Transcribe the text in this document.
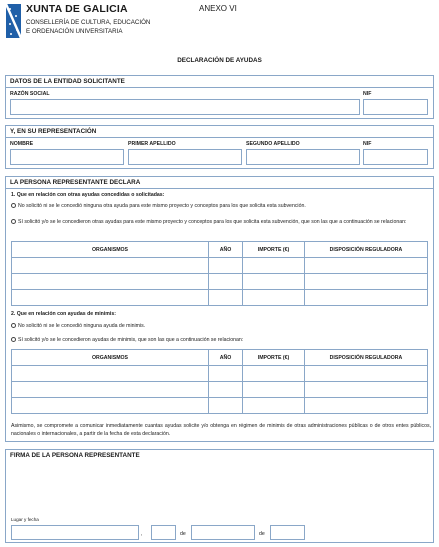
XUNTA DE GALICIA
CONSELLERÍA DE CULTURA, EDUCACIÓN
E ORDENACIÓN UNIVERSITARIA
ANEXO VI
DECLARACIÓN DE AYUDAS
DATOS DE LA ENTIDAD SOLICITANTE
RAZÓN SOCIAL	NIF
Y, EN SU REPRESENTACIÓN
NOMBRE	PRIMER APELLIDO	SEGUNDO APELLIDO	NIF
LA PERSONA REPRESENTANTE DECLARA
1. Que en relación con otras ayudas concedidas o solicitadas:
No solicitó ni se le concedió ninguna otra ayuda para este mismo proyecto y conceptos para los que solicita esta subvención.
Sí solicitó y/o se le concedieron otras ayudas para este mismo proyecto y conceptos para los que solicita esta subvención, que son las que a continuación se relacionan:
ORGANISMOS	AÑO	IMPORTE (€)	DISPOSICIÓN REGULADORA

2. Que en relación con ayudas de minimis:
No solicitó ni se le concedió ninguna ayuda de minimis.
Sí solicitó y/o se le concedieron ayudas de minimis, que son las que a continuación se relacionan:
ORGANISMOS	AÑO	IMPORTE (€)	DISPOSICIÓN REGULADORA

Asimismo, se compromete a comunicar inmediatamente cuantas ayudas solicite y/o obtenga en régimen de minimis de otras administraciones públicas o de otros entes públicos, nacionales o internacionales, a partir de la fecha de esta declaración.
FIRMA DE LA PERSONA REPRESENTANTE
Lugar y fecha
,	de	de
